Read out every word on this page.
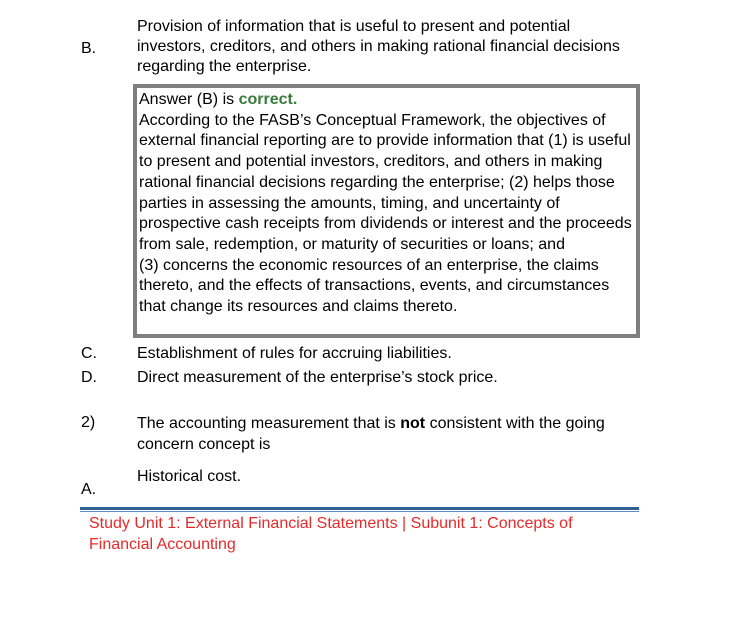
B.
Provision of information that is useful to present and potential investors, creditors, and others in making rational financial decisions regarding the enterprise.
Answer (B) is correct.
According to the FASB’s Conceptual Framework, the objectives of external financial reporting are to provide information that (1) is useful to present and potential investors, creditors, and others in making rational financial decisions regarding the enterprise; (2) helps those parties in assessing the amounts, timing, and uncertainty of prospective cash receipts from dividends or interest and the proceeds from sale, redemption, or maturity of securities or loans; and
(3) concerns the economic resources of an enterprise, the claims thereto, and the effects of transactions, events, and circumstances that change its resources and claims thereto.
C.	Establishment of rules for accruing liabilities.
D.	Direct measurement of the enterprise’s stock price.
2)	The accounting measurement that is not consistent with the going concern concept is
A.
Historical cost.
Study Unit 1: External Financial Statements | Subunit 1: Concepts of Financial Accounting
